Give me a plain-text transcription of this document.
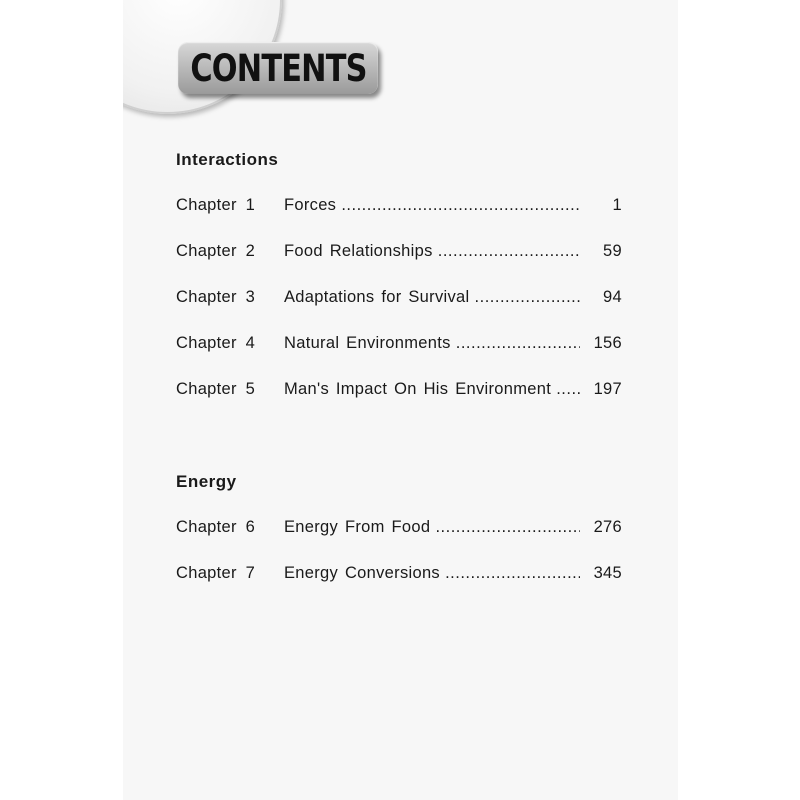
CONTENTS
Interactions
Chapter 1 Forces .....	1
Chapter 2 Food Relationships .....	59
Chapter 3 Adaptations for Survival .....	94
Chapter 4 Natural Environments .....	156
Chapter 5 Man's Impact On His Environment .....	197
Energy
Chapter 6 Energy From Food .....	276
Chapter 7 Energy Conversions .....	345
